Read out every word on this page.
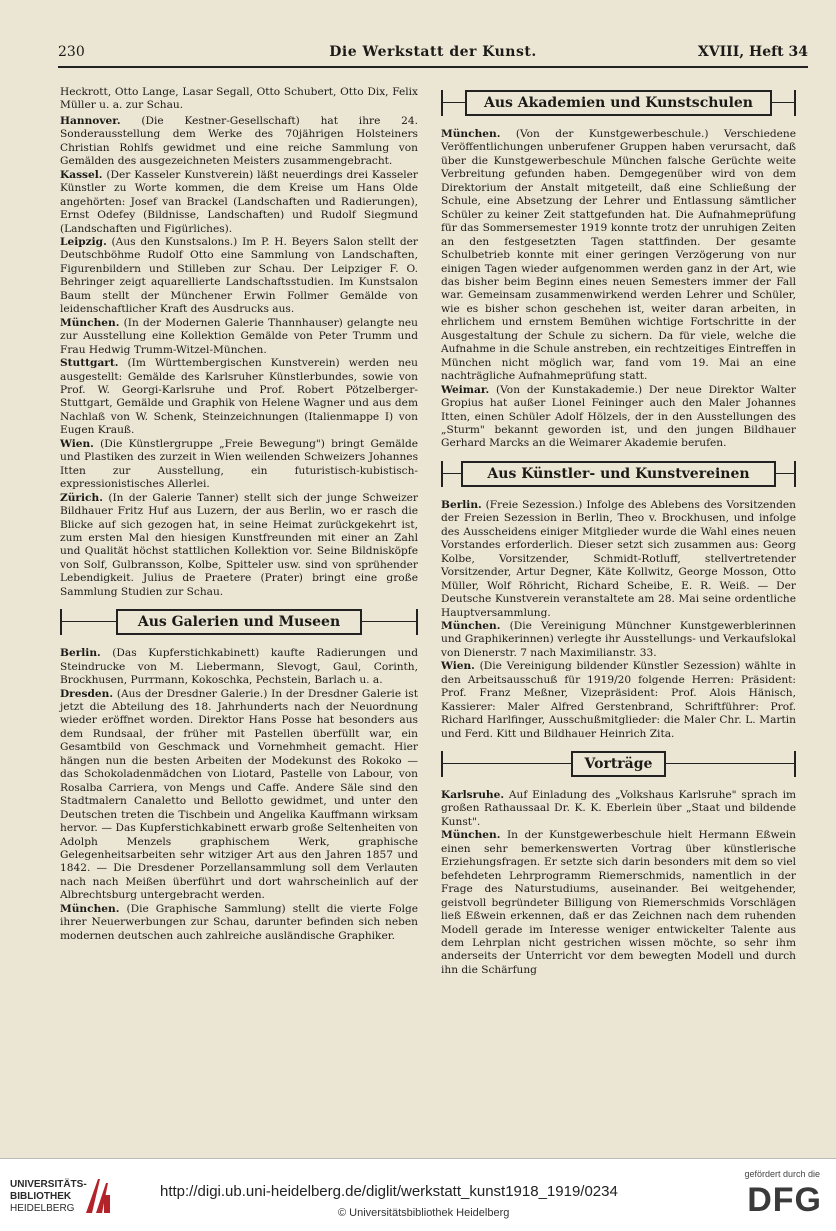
230	Die Werkstatt der Kunst.	XVIII, Heft 34

Heckrott, Otto Lange, Lasar Segall, Otto Schubert, Otto Dix, Felix Müller u. a. zur Schau.

Hannover. (Die Kestner-Gesellschaft) hat ihre 24. Sonderausstellung dem Werke des 70jährigen Holsteiners Christian Rohlfs gewidmet und eine reiche Sammlung von Gemälden des ausgezeichneten Meisters zusammengebracht.

Kassel. (Der Kasseler Kunstverein) läßt neuerdings drei Kasseler Künstler zu Worte kommen, die dem Kreise um Hans Olde angehörten: Josef van Brackel (Landschaften und Radierungen), Ernst Odefey (Bildnisse, Landschaften) und Rudolf Siegmund (Landschaften und Figürliches).

Leipzig. (Aus den Kunstsalons.) Im P. H. Beyers Salon stellt der Deutschböhme Rudolf Otto eine Sammlung von Landschaften, Figurenbildern und Stilleben zur Schau. Der Leipziger F. O. Behringer zeigt aquarellierte Landschaftsstudien. Im Kunstsalon Baum stellt der Münchener Erwin Follmer Gemälde von leidenschaftlicher Kraft des Ausdrucks aus.

München. (In der Modernen Galerie Thannhauser) gelangte neu zur Ausstellung eine Kollektion Gemälde von Peter Trumm und Frau Hedwig Trumm-Witzel-München.

Stuttgart. (Im Württembergischen Kunstverein) werden neu ausgestellt: Gemälde des Karlsruher Künstlerbundes, sowie von Prof. W. Georgi-Karlsruhe und Prof. Robert Pötzelberger-Stuttgart, Gemälde und Graphik von Helene Wagner und aus dem Nachlaß von W. Schenk, Steinzeichnungen (Italienmappe I) von Eugen Krauß.

Wien. (Die Künstlergruppe „Freie Bewegung") bringt Gemälde und Plastiken des zurzeit in Wien weilenden Schweizers Johannes Itten zur Ausstellung, ein futuristisch-kubistisch-expressionistisches Allerlei.

Zürich. (In der Galerie Tanner) stellt sich der junge Schweizer Bildhauer Fritz Huf aus Luzern, der aus Berlin, wo er rasch die Blicke auf sich gezogen hat, in seine Heimat zurückgekehrt ist, zum ersten Mal den hiesigen Kunstfreunden mit einer an Zahl und Qualität höchst stattlichen Kollektion vor. Seine Bildnisköpfe von Solf, Gulbransson, Kolbe, Spitteler usw. sind von sprühender Lebendigkeit. Julius de Praetere (Prater) bringt eine große Sammlung Studien zur Schau.

Aus Galerien und Museen

Berlin. (Das Kupferstichkabinett) kaufte Radierungen und Steindrucke von M. Liebermann, Slevogt, Gaul, Corinth, Brockhusen, Purrmann, Kokoschka, Pechstein, Barlach u. a.

Dresden. (Aus der Dresdner Galerie.) In der Dresdner Galerie ist jetzt die Abteilung des 18. Jahrhunderts nach der Neuordnung wieder eröffnet worden. Direktor Hans Posse hat besonders aus dem Rundsaal, der früher mit Pastellen überfüllt war, ein Gesamtbild von Geschmack und Vornehmheit gemacht. Hier hängen nun die besten Arbeiten der Modekunst des Rokoko — das Schokoladenmädchen von Liotard, Pastelle von Labour, von Rosalba Carriera, von Mengs und Caffe. Andere Säle sind den Stadtmalern Canaletto und Bellotto gewidmet, und unter den Deutschen treten die Tischbein und Angelika Kauffmann wirksam hervor. — Das Kupferstichkabinett erwarb große Seltenheiten von Adolph Menzels graphischem Werk, graphische Gelegenheitsarbeiten sehr witziger Art aus den Jahren 1857 und 1842. — Die Dresdener Porzellansammlung soll dem Verlauten nach nach Meißen überführt und dort wahrscheinlich auf der Albrechtsburg untergebracht werden.

München. (Die Graphische Sammlung) stellt die vierte Folge ihrer Neuerwerbungen zur Schau, darunter befinden sich neben modernen deutschen auch zahlreiche ausländische Graphiker.

Aus Akademien und Kunstschulen

München. (Von der Kunstgewerbeschule.) Verschiedene Veröffentlichungen unberufener Gruppen haben verursacht, daß über die Kunstgewerbeschule München falsche Gerüchte weite Verbreitung gefunden haben. Demgegenüber wird von dem Direktorium der Anstalt mitgeteilt, daß eine Schließung der Schule, eine Absetzung der Lehrer und Entlassung sämtlicher Schüler zu keiner Zeit stattgefunden hat. Die Aufnahmeprüfung für das Sommersemester 1919 konnte trotz der unruhigen Zeiten an den festgesetzten Tagen stattfinden. Der gesamte Schulbetrieb konnte mit einer geringen Verzögerung von nur einigen Tagen wieder aufgenommen werden ganz in der Art, wie das bisher beim Beginn eines neuen Semesters immer der Fall war. Gemeinsam zusammenwirkend werden Lehrer und Schüler, wie es bisher schon geschehen ist, weiter daran arbeiten, in ehrlichem und ernstem Bemühen wichtige Fortschritte in der Ausgestaltung der Schule zu sichern. Da für viele, welche die Aufnahme in die Schule anstreben, ein rechtzeitiges Eintreffen in München nicht möglich war, fand vom 19. Mai an eine nachträgliche Aufnahmeprüfung statt.

Weimar. (Von der Kunstakademie.) Der neue Direktor Walter Gropius hat außer Lionel Feininger auch den Maler Johannes Itten, einen Schüler Adolf Hölzels, der in den Ausstellungen des „Sturm" bekannt geworden ist, und den jungen Bildhauer Gerhard Marcks an die Weimarer Akademie berufen.

Aus Künstler- und Kunstvereinen

Berlin. (Freie Sezession.) Infolge des Ablebens des Vorsitzenden der Freien Sezession in Berlin, Theo v. Brockhusen, und infolge des Ausscheidens einiger Mitglieder wurde die Wahl eines neuen Vorstandes erforderlich. Dieser setzt sich zusammen aus: Georg Kolbe, Vorsitzender, Schmidt-Rotluff, stellvertretender Vorsitzender, Artur Degner, Käte Kollwitz, George Mosson, Otto Müller, Wolf Röhricht, Richard Scheibe, E. R. Weiß. — Der Deutsche Kunstverein veranstaltete am 28. Mai seine ordentliche Hauptversammlung.

München. (Die Vereinigung Münchner Kunstgewerblerinnen und Graphikerinnen) verlegte ihr Ausstellungs- und Verkaufslokal von Dienerstr. 7 nach Maximilianstr. 33.

Wien. (Die Vereinigung bildender Künstler Sezession) wählte in den Arbeitsausschuß für 1919/20 folgende Herren: Präsident: Prof. Franz Meßner, Vizepräsident: Prof. Alois Hänisch, Kassierer: Maler Alfred Gerstenbrand, Schriftführer: Prof. Richard Harlfinger, Ausschußmitglieder: die Maler Chr. L. Martin und Ferd. Kitt und Bildhauer Heinrich Zita.

Vorträge

Karlsruhe. Auf Einladung des „Volkshaus Karlsruhe" sprach im großen Rathaussaal Dr. K. K. Eberlein über „Staat und bildende Kunst".

München. In der Kunstgewerbeschule hielt Hermann Eßwein einen sehr bemerkenswerten Vortrag über künstlerische Erziehungsfragen. Er setzte sich darin besonders mit dem so viel befehdeten Lehrprogramm Riemerschmids, namentlich in der Frage des Naturstudiums, auseinander. Bei weitgehender, geistvoll begründeter Billigung von Riemerschmids Vorschlägen ließ Eßwein erkennen, daß er das Zeichnen nach dem ruhenden Modell gerade im Interesse weniger entwickelter Talente aus dem Lehrplan nicht gestrichen wissen möchte, so sehr ihm anderseits der Unterricht vor dem bewegten Modell und durch ihn die Schärfung

UNIVERSITÄTS-
BIBLIOTHEK
HEIDELBERG
http://digi.ub.uni-heidelberg.de/diglit/werkstatt_kunst1918_1919/0234
© Universitätsbibliothek Heidelberg
gefördert durch die
DFG
